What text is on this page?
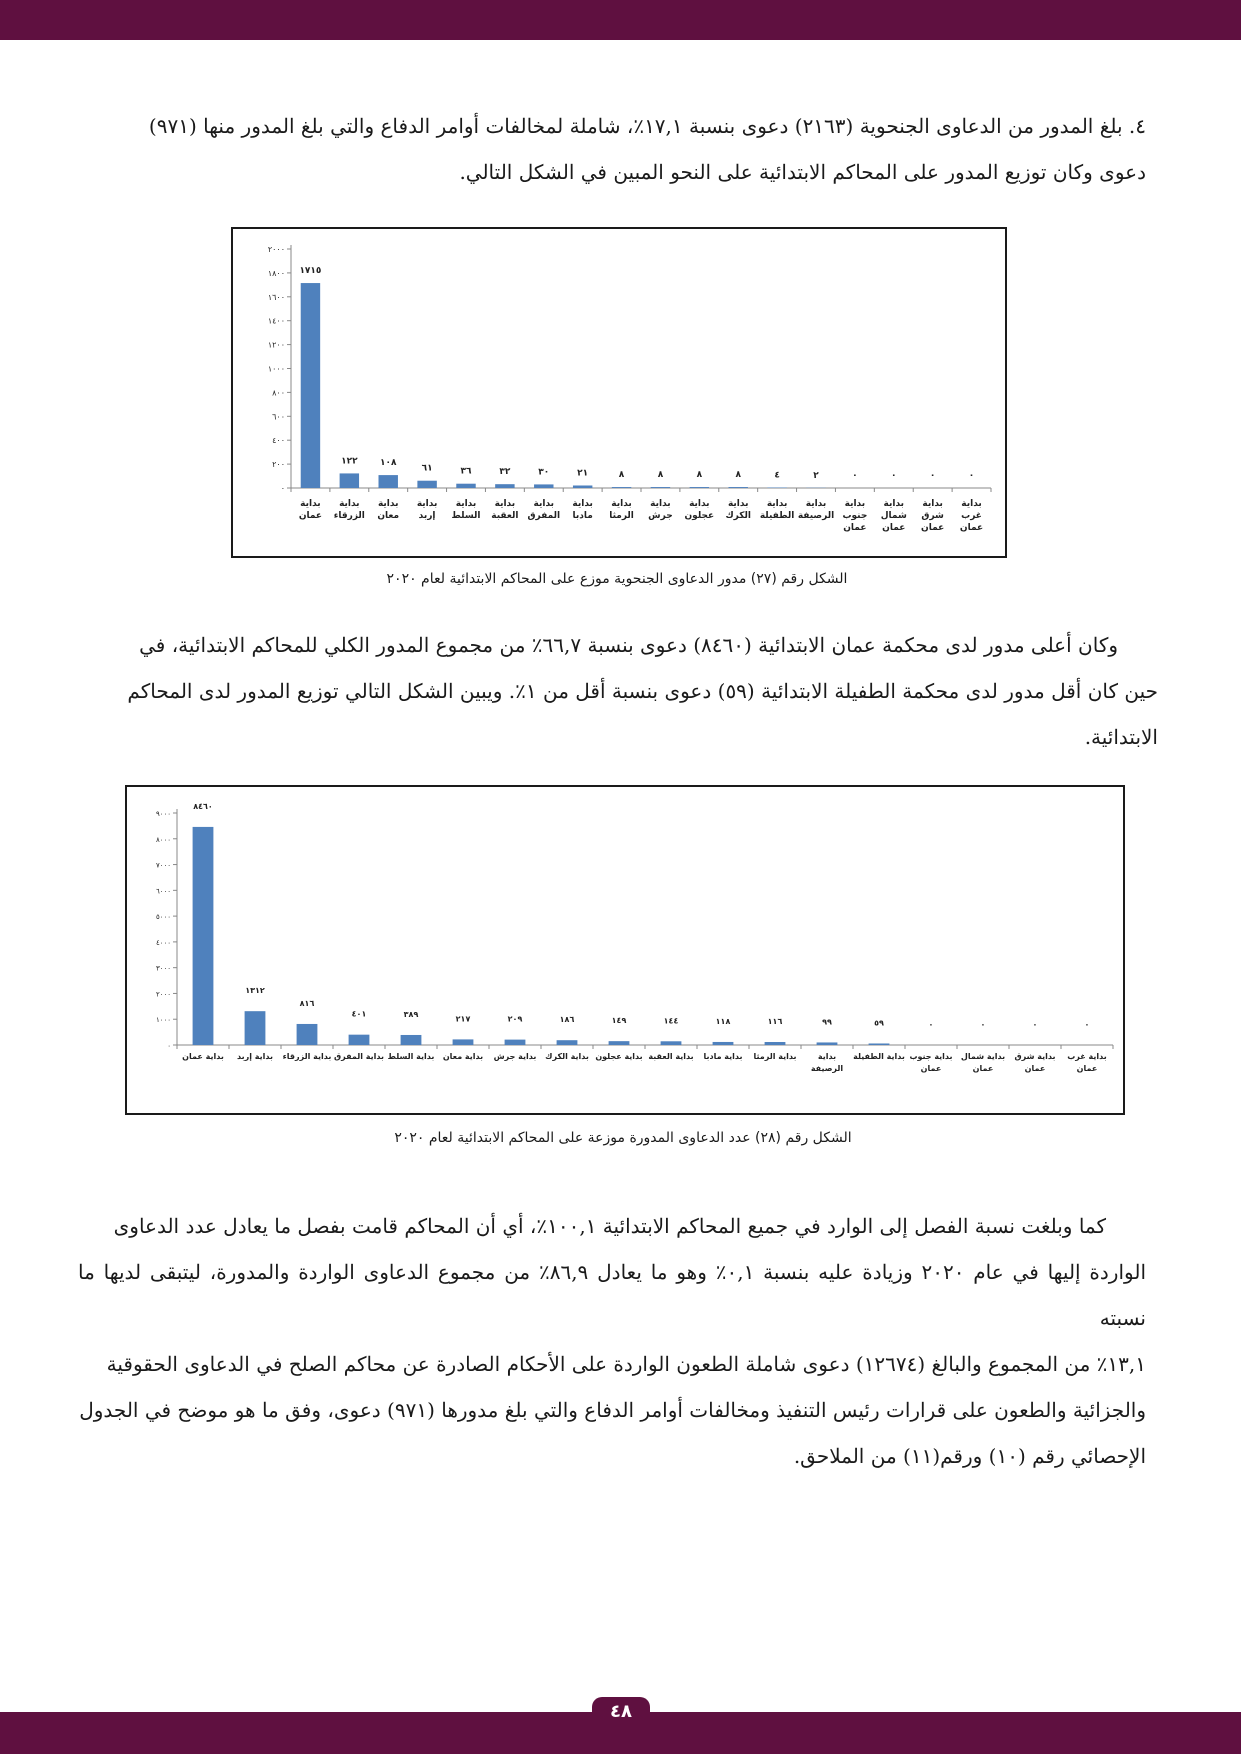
٤. بلغ المدور من الدعاوى الجنحوية (٢١٦٣) دعوى بنسبة ١٧,١٪، شاملة لمخالفات أوامر الدفاع والتي بلغ المدور منها (٩٧١)
دعوى وكان توزيع المدور على المحاكم الابتدائية على النحو المبين في الشكل التالي.

٠
٢٠٠
٤٠٠
٦٠٠
٨٠٠
١٠٠٠
١٢٠٠
١٤٠٠
١٦٠٠
١٨٠٠
٢٠٠٠
١٧١٥
بداية عمان
١٢٢
بداية الزرقاء
١٠٨
بداية معان
٦١
بداية إربد
٣٦
بداية السلط
٣٢
بداية العقبة
٣٠
بداية المفرق
٢١
بداية مادبا
٨
بداية الرمثا
٨
بداية جرش
٨
بداية عجلون
٨
بداية الكرك
٤
بداية الطفيلة
٢
بداية الرصيفة
٠
بداية جنوب عمان
٠
بداية شمال عمان
٠
بداية شرق عمان
٠
بداية غرب عمان
الشكل رقم (٢٧) مدور الدعاوى الجنحوية موزع على المحاكم الابتدائية لعام ٢٠٢٠

وكان أعلى مدور لدى محكمة عمان الابتدائية (٨٤٦٠) دعوى بنسبة ٦٦,٧٪ من مجموع المدور الكلي للمحاكم الابتدائية، في
حين كان أقل مدور لدى محكمة الطفيلة الابتدائية (٥٩) دعوى بنسبة أقل من ١٪. ويبين الشكل التالي توزيع المدور لدى المحاكم
الابتدائية.

٠
١٠٠٠
٢٠٠٠
٣٠٠٠
٤٠٠٠
٥٠٠٠
٦٠٠٠
٧٠٠٠
٨٠٠٠
٩٠٠٠
٨٤٦٠
بداية عمان
١٣١٢
بداية إربد
٨١٦
بداية الزرقاء
٤٠١
بداية المفرق
٣٨٩
بداية السلط
٢١٧
بداية معان
٢٠٩
بداية جرش
١٨٦
بداية الكرك
١٤٩
بداية عجلون
١٤٤
بداية العقبة
١١٨
بداية مادبا
١١٦
بداية الرمثا
٩٩
بداية الرصيفة
٥٩
بداية الطفيلة
٠
بداية جنوب عمان
٠
بداية شمال عمان
٠
بداية شرق عمان
٠
بداية غرب عمان
الشكل رقم (٢٨) عدد الدعاوى المدورة موزعة على المحاكم الابتدائية لعام ٢٠٢٠

كما وبلغت نسبة الفصل إلى الوارد في جميع المحاكم الابتدائية ١٠٠,١٪، أي أن المحاكم قامت بفصل ما يعادل عدد الدعاوى
الواردة إليها في عام ٢٠٢٠ وزيادة عليه بنسبة ٠,١٪ وهو ما يعادل ٨٦,٩٪ من مجموع الدعاوى الواردة والمدورة، ليتبقى لديها ما نسبته
١٣,١٪ من المجموع والبالغ (١٢٦٧٤) دعوى شاملة الطعون الواردة على الأحكام الصادرة عن محاكم الصلح في الدعاوى الحقوقية
والجزائية والطعون على قرارات رئيس التنفيذ ومخالفات أوامر الدفاع والتي بلغ مدورها (٩٧١) دعوى، وفق ما هو موضح في الجدول
الإحصائي رقم (١٠) ورقم(١١) من الملاحق.

٤٨
